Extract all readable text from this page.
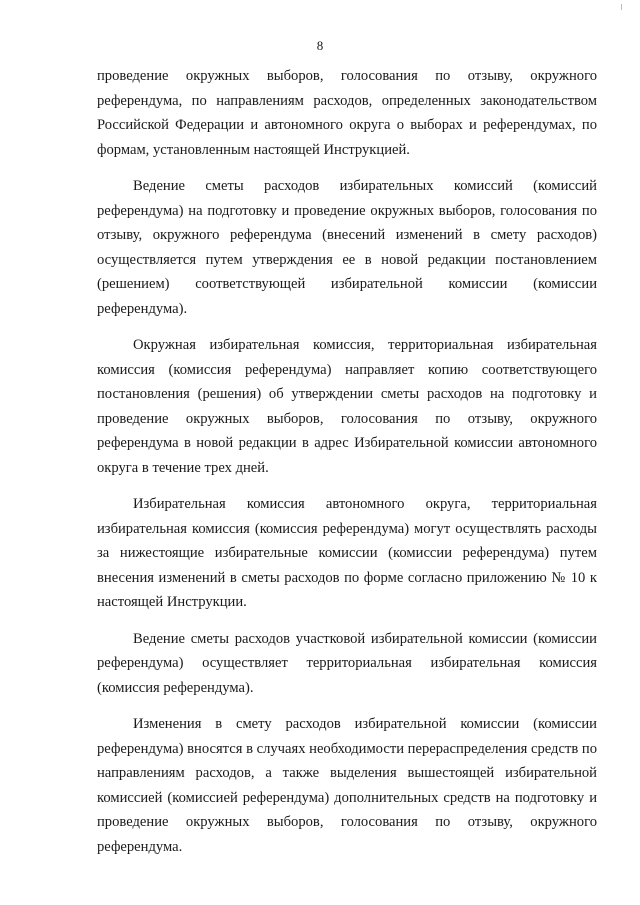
8

проведение окружных выборов, голосования по отзыву, окружного референдума, по направлениям расходов, определенных законодательством Российской Федерации и автономного округа о выборах и референдумах, по формам, установленным настоящей Инструкцией.

Ведение сметы расходов избирательных комиссий (комиссий референдума) на подготовку и проведение окружных выборов, голосования по отзыву, окружного референдума (внесений изменений в смету расходов) осуществляется путем утверждения ее в новой редакции постановлением (решением) соответствующей избирательной комиссии (комиссии референдума).

Окружная избирательная комиссия, территориальная избирательная комиссия (комиссия референдума) направляет копию соответствующего постановления (решения) об утверждении сметы расходов на подготовку и проведение окружных выборов, голосования по отзыву, окружного референдума в новой редакции в адрес Избирательной комиссии автономного округа в течение трех дней.

Избирательная комиссия автономного округа, территориальная избирательная комиссия (комиссия референдума) могут осуществлять расходы за нижестоящие избирательные комиссии (комиссии референдума) путем внесения изменений в сметы расходов по форме согласно приложению № 10 к настоящей Инструкции.

Ведение сметы расходов участковой избирательной комиссии (комиссии референдума) осуществляет территориальная избирательная комиссия (комиссия референдума).

Изменения в смету расходов избирательной комиссии (комиссии референдума) вносятся в случаях необходимости перераспределения средств по направлениям расходов, а также выделения вышестоящей избирательной комиссией (комиссией референдума) дополнительных средств на подготовку и проведение окружных выборов, голосования по отзыву, окружного референдума.
